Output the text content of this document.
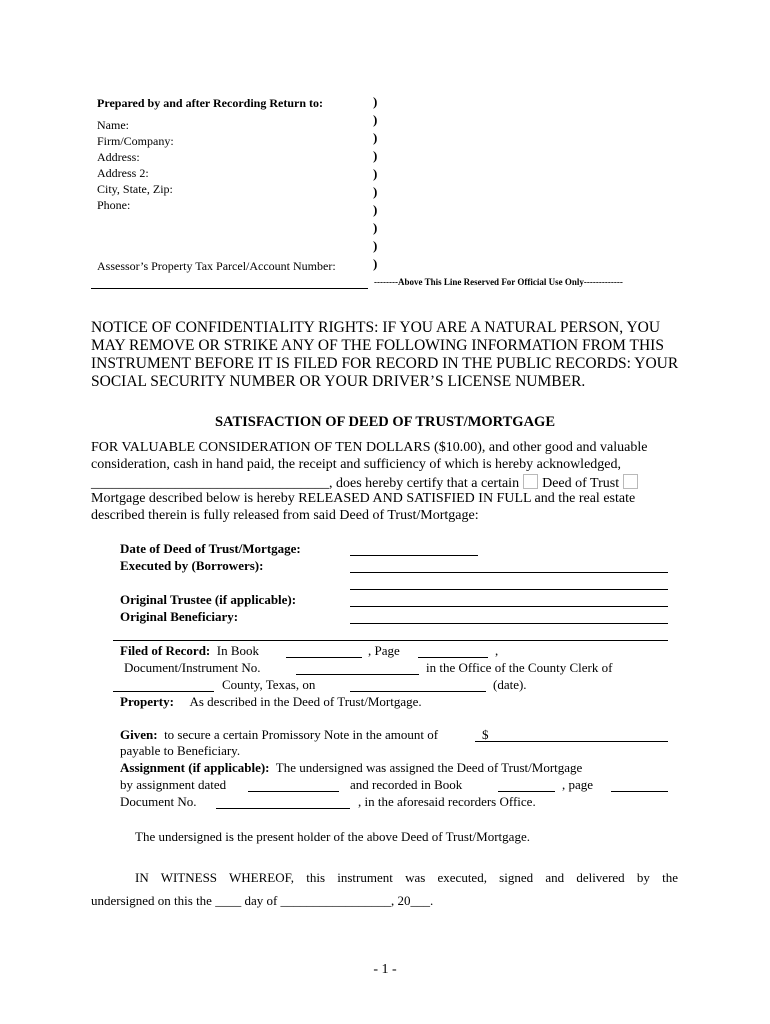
Prepared by and after Recording Return to:
Name:
Firm/Company:
Address:
Address 2:
City, State, Zip:
Phone:
Assessor’s Property Tax Parcel/Account Number:
)
)
)
)
)
)
)
)
)
)
--------Above This Line Reserved For Official Use Only-------------
NOTICE OF CONFIDENTIALITY RIGHTS: IF YOU ARE A NATURAL PERSON, YOU MAY REMOVE OR STRIKE ANY OF THE FOLLOWING INFORMATION FROM THIS INSTRUMENT BEFORE IT IS FILED FOR RECORD IN THE PUBLIC RECORDS: YOUR SOCIAL SECURITY NUMBER OR YOUR DRIVER’S LICENSE NUMBER.
SATISFACTION OF DEED OF TRUST/MORTGAGE
FOR VALUABLE CONSIDERATION OF TEN DOLLARS ($10.00), and other good and valuable
consideration, cash in hand paid, the receipt and sufficiency of which is hereby acknowledged,
__________________________________, does hereby certify that a certain Deed of Trust
Mortgage described below is hereby RELEASED AND SATISFIED IN FULL and the real estate
described therein is fully released from said Deed of Trust/Mortgage:
Date of Deed of Trust/Mortgage:
Executed by (Borrowers):
Original Trustee (if applicable):
Original Beneficiary:
Filed of Record: In Book	, Page	,
Document/Instrument No.	in the Office of the County Clerk of
County, Texas, on	(date).
Property: As described in the Deed of Trust/Mortgage.
Given: to secure a certain Promissory Note in the amount of	$
payable to Beneficiary.
Assignment (if applicable): The undersigned was assigned the Deed of Trust/Mortgage
by assignment dated	and recorded in Book	, page
Document No.	, in the aforesaid recorders Office.
The undersigned is the present holder of the above Deed of Trust/Mortgage.
IN WITNESS WHEREOF, this instrument was executed, signed and delivered by the
undersigned on this the ____ day of _________________, 20___.
- 1 -
